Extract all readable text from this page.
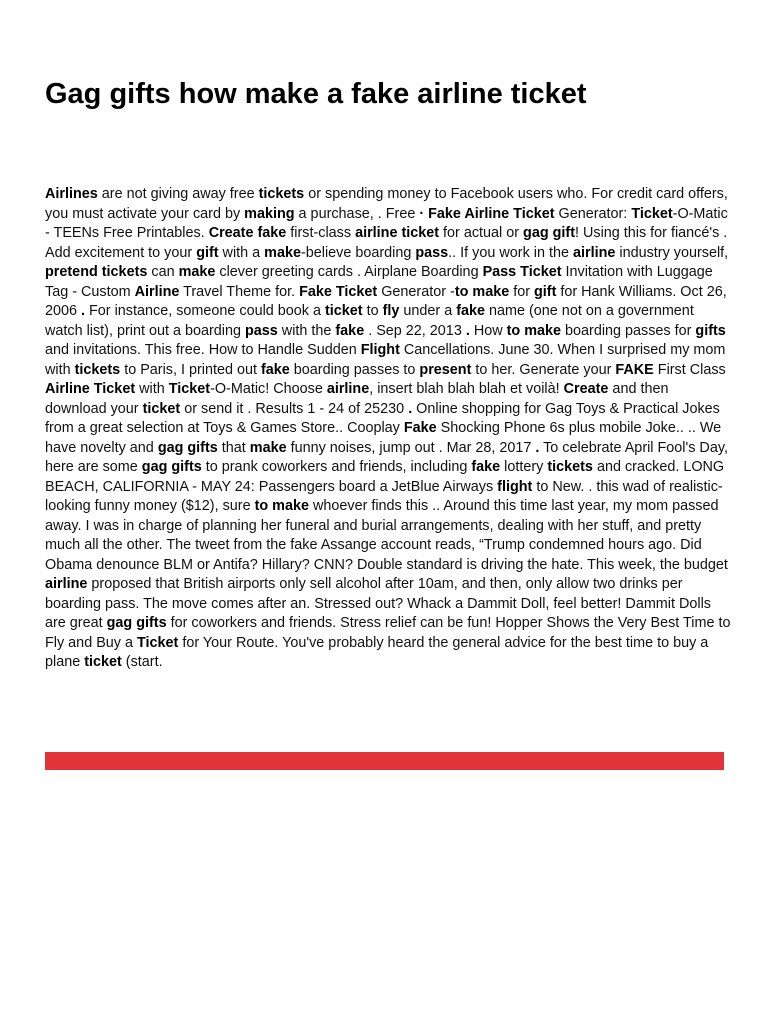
Gag gifts how make a fake airline ticket

Airlines are not giving away free tickets or spending money to Facebook users who. For credit card offers, you must activate your card by making a purchase, . Free · Fake Airline Ticket Generator: Ticket-O-Matic - TEENs Free Printables. Create fake first-class airline ticket for actual or gag gift! Using this for fiancé's . Add excitement to your gift with a make-believe boarding pass.. If you work in the airline industry yourself, pretend tickets can make clever greeting cards . Airplane Boarding Pass Ticket Invitation with Luggage Tag - Custom Airline Travel Theme for. Fake Ticket Generator -to make for gift for Hank Williams. Oct 26, 2006 . For instance, someone could book a ticket to fly under a fake name (one not on a government watch list), print out a boarding pass with the fake . Sep 22, 2013 . How to make boarding passes for gifts and invitations. This free. How to Handle Sudden Flight Cancellations. June 30. When I surprised my mom with tickets to Paris, I printed out fake boarding passes to present to her. Generate your FAKE First Class Airline Ticket with Ticket-O-Matic! Choose airline, insert blah blah blah et voilà! Create and then download your ticket or send it . Results 1 - 24 of 25230 . Online shopping for Gag Toys & Practical Jokes from a great selection at Toys & Games Store.. Cooplay Fake Shocking Phone 6s plus mobile Joke.. .. We have novelty and gag gifts that make funny noises, jump out . Mar 28, 2017 . To celebrate April Fool's Day, here are some gag gifts to prank coworkers and friends, including fake lottery tickets and cracked. LONG BEACH, CALIFORNIA - MAY 24: Passengers board a JetBlue Airways flight to New. . this wad of realistic-looking funny money ($12), sure to make whoever finds this .. Around this time last year, my mom passed away. I was in charge of planning her funeral and burial arrangements, dealing with her stuff, and pretty much all the other. The tweet from the fake Assange account reads, “Trump condemned hours ago. Did Obama denounce BLM or Antifa? Hillary? CNN? Double standard is driving the hate. This week, the budget airline proposed that British airports only sell alcohol after 10am, and then, only allow two drinks per boarding pass. The move comes after an. Stressed out? Whack a Dammit Doll, feel better! Dammit Dolls are great gag gifts for coworkers and friends. Stress relief can be fun! Hopper Shows the Very Best Time to Fly and Buy a Ticket for Your Route. You've probably heard the general advice for the best time to buy a plane ticket (start.
